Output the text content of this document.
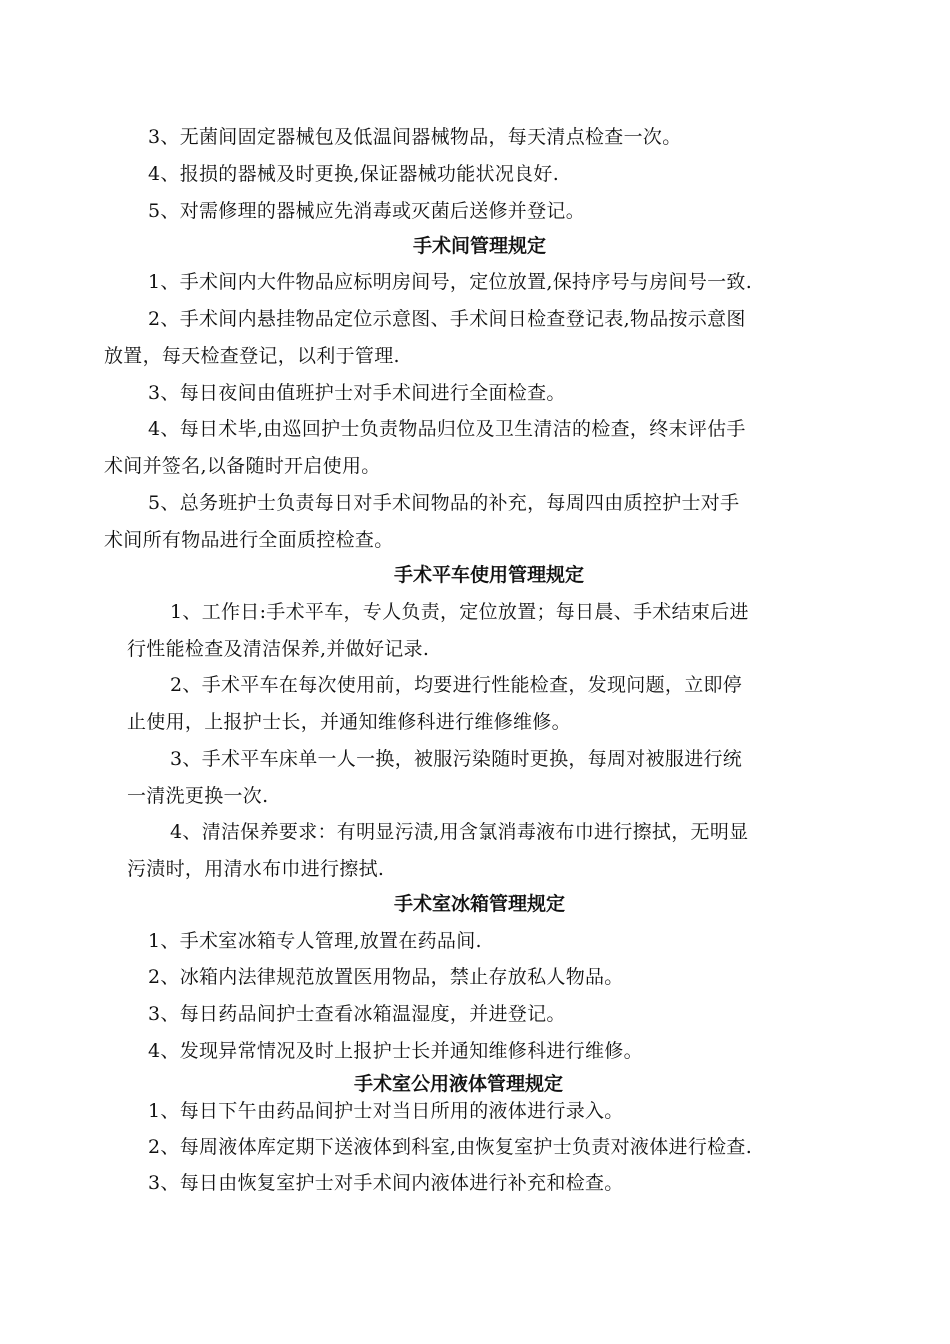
3、无菌间固定器械包及低温间器械物品，每天清点检查一次。

4、报损的器械及时更换,保证器械功能状况良好.

5、对需修理的器械应先消毒或灭菌后送修并登记。

手术间管理规定

1、手术间内大件物品应标明房间号，定位放置,保持序号与房间号一致.

2、手术间内悬挂物品定位示意图、手术间日检查登记表,物品按示意图

放置，每天检查登记，以利于管理.

3、每日夜间由值班护士对手术间进行全面检查。

4、每日术毕,由巡回护士负责物品归位及卫生清洁的检查，终末评估手

术间并签名,以备随时开启使用。

5、总务班护士负责每日对手术间物品的补充，每周四由质控护士对手

术间所有物品进行全面质控检查。

手术平车使用管理规定

1、工作日:手术平车，专人负责，定位放置；每日晨、手术结束后进

行性能检查及清洁保养,并做好记录.

2、手术平车在每次使用前，均要进行性能检查，发现问题，立即停

止使用，上报护士长，并通知维修科进行维修维修。

3、手术平车床单一人一换，被服污染随时更换，每周对被服进行统

一清洗更换一次.

4、清洁保养要求：有明显污渍,用含氯消毒液布巾进行擦拭，无明显

污渍时，用清水布巾进行擦拭.

手术室冰箱管理规定

1、手术室冰箱专人管理,放置在药品间.

2、冰箱内法律规范放置医用物品，禁止存放私人物品。

3、每日药品间护士查看冰箱温湿度，并进登记。

4、发现异常情况及时上报护士长并通知维修科进行维修。

手术室公用液体管理规定

1、每日下午由药品间护士对当日所用的液体进行录入。

2、每周液体库定期下送液体到科室,由恢复室护士负责对液体进行检查.

3、每日由恢复室护士对手术间内液体进行补充和检查。
